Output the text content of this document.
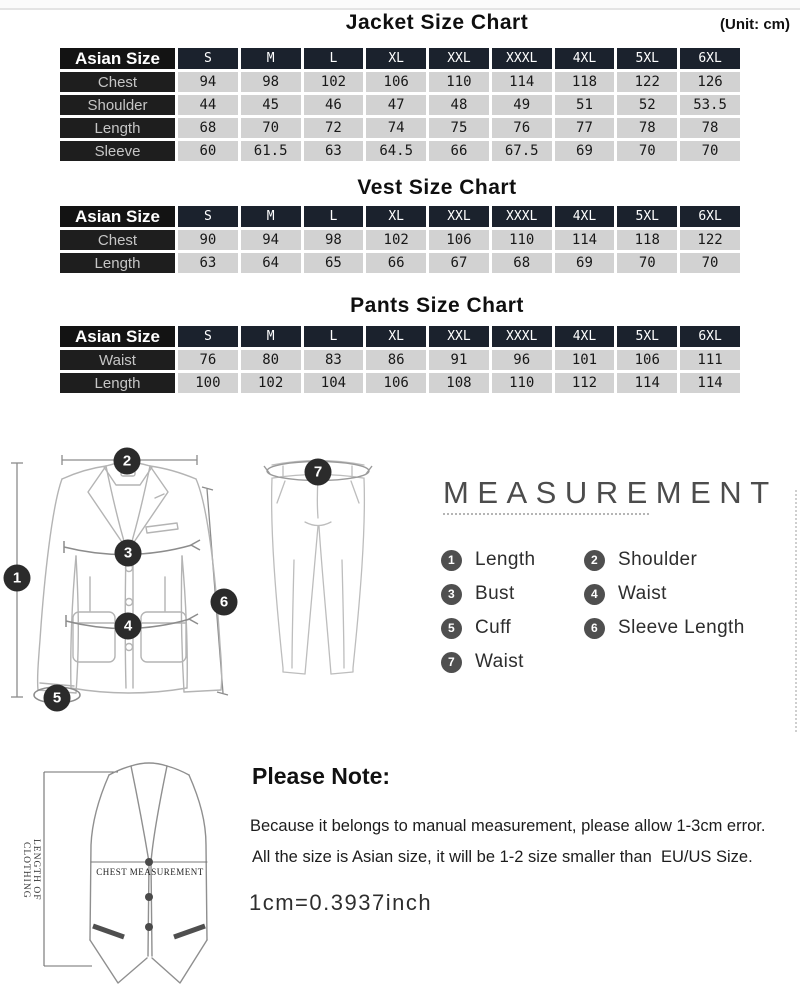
Jacket Size Chart	(Unit: cm)
Asian Size	S	M	L	XL	XXL	XXXL	4XL	5XL	6XL
Chest	94	98	102	106	110	114	118	122	126
Shoulder	44	45	46	47	48	49	51	52	53.5
Length	68	70	72	74	75	76	77	78	78
Sleeve	60	61.5	63	64.5	66	67.5	69	70	70
Vest Size Chart
Asian Size	S	M	L	XL	XXL	XXXL	4XL	5XL	6XL
Chest	90	94	98	102	106	110	114	118	122
Length	63	64	65	66	67	68	69	70	70
Pants Size Chart
Asian Size	S	M	L	XL	XXL	XXXL	4XL	5XL	6XL
Waist	76	80	83	86	91	96	101	106	111
Length	100	102	104	106	108	110	112	114	114
1
2
3
4
5
6
7
MEASUREMENT
1	Length	2	Shoulder
3	Bust	4	Waist
5	Cuff	6	Sleeve Length
7	Waist
LENGTH OF CLOTHING	CHEST MEASUREMENT
Please Note:
Because it belongs to manual measurement, please allow 1-3cm error.
All the size is Asian size, it will be 1-2 size smaller than  EU/US Size.
1cm=0.3937inch
